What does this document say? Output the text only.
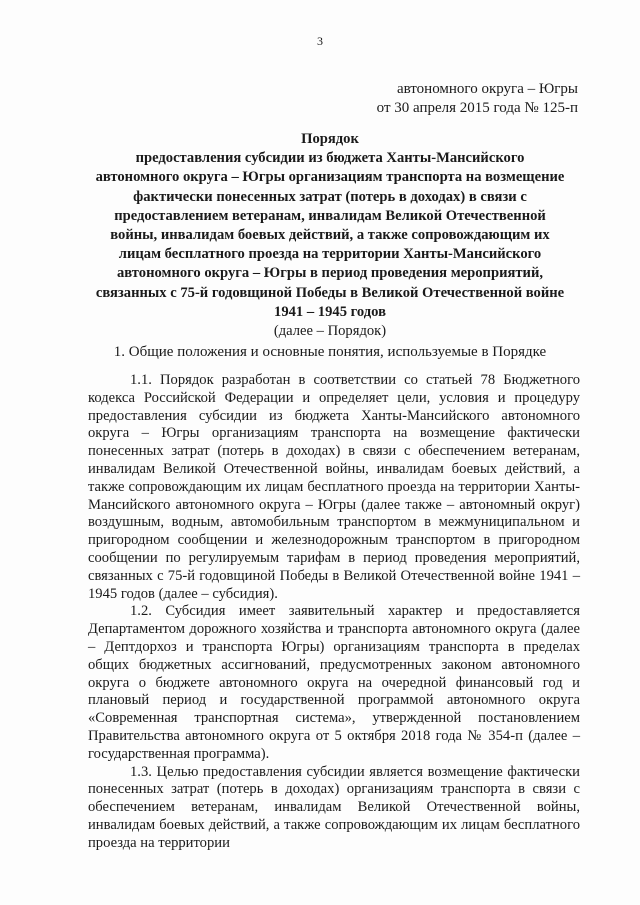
3
автономного округа – Югры
от 30 апреля 2015 года № 125-п
Порядок
предоставления субсидии из бюджета Ханты-Мансийского
автономного округа – Югры организациям транспорта на возмещение
фактически понесенных затрат (потерь в доходах) в связи с
предоставлением ветеранам, инвалидам Великой Отечественной
войны, инвалидам боевых действий, а также сопровождающим их
лицам бесплатного проезда на территории Ханты-Мансийского
автономного округа – Югры в период проведения мероприятий,
связанных с 75-й годовщиной Победы в Великой Отечественной войне
1941 – 1945 годов
(далее – Порядок)
1. Общие положения и основные понятия, используемые в Порядке

1.1. Порядок разработан в соответствии со статьей 78 Бюджетного кодекса Российской Федерации и определяет цели, условия и процедуру предоставления субсидии из бюджета Ханты-Мансийского автономного округа – Югры организациям транспорта на возмещение фактически понесенных затрат (потерь в доходах) в связи с обеспечением ветеранам, инвалидам Великой Отечественной войны, инвалидам боевых действий, а также сопровождающим их лицам бесплатного проезда на территории Ханты-Мансийского автономного округа – Югры (далее также – автономный округ) воздушным, водным, автомобильным транспортом в межмуниципальном и пригородном сообщении и железнодорожным транспортом в пригородном сообщении по регулируемым тарифам в период проведения мероприятий, связанных с 75-й годовщиной Победы в Великой Отечественной войне 1941 – 1945 годов (далее – субсидия).

1.2. Субсидия имеет заявительный характер и предоставляется Департаментом дорожного хозяйства и транспорта автономного округа (далее – Дептдорхоз и транспорта Югры) организациям транспорта в пределах общих бюджетных ассигнований, предусмотренных законом автономного округа о бюджете автономного округа на очередной финансовый год и плановый период и государственной программой автономного округа «Современная транспортная система», утвержденной постановлением Правительства автономного округа от 5 октября 2018 года № 354-п (далее – государственная программа).

1.3. Целью предоставления субсидии является возмещение фактически понесенных затрат (потерь в доходах) организациям транспорта в связи с обеспечением ветеранам, инвалидам Великой Отечественной войны, инвалидам боевых действий, а также сопровождающим их лицам бесплатного проезда на территории
